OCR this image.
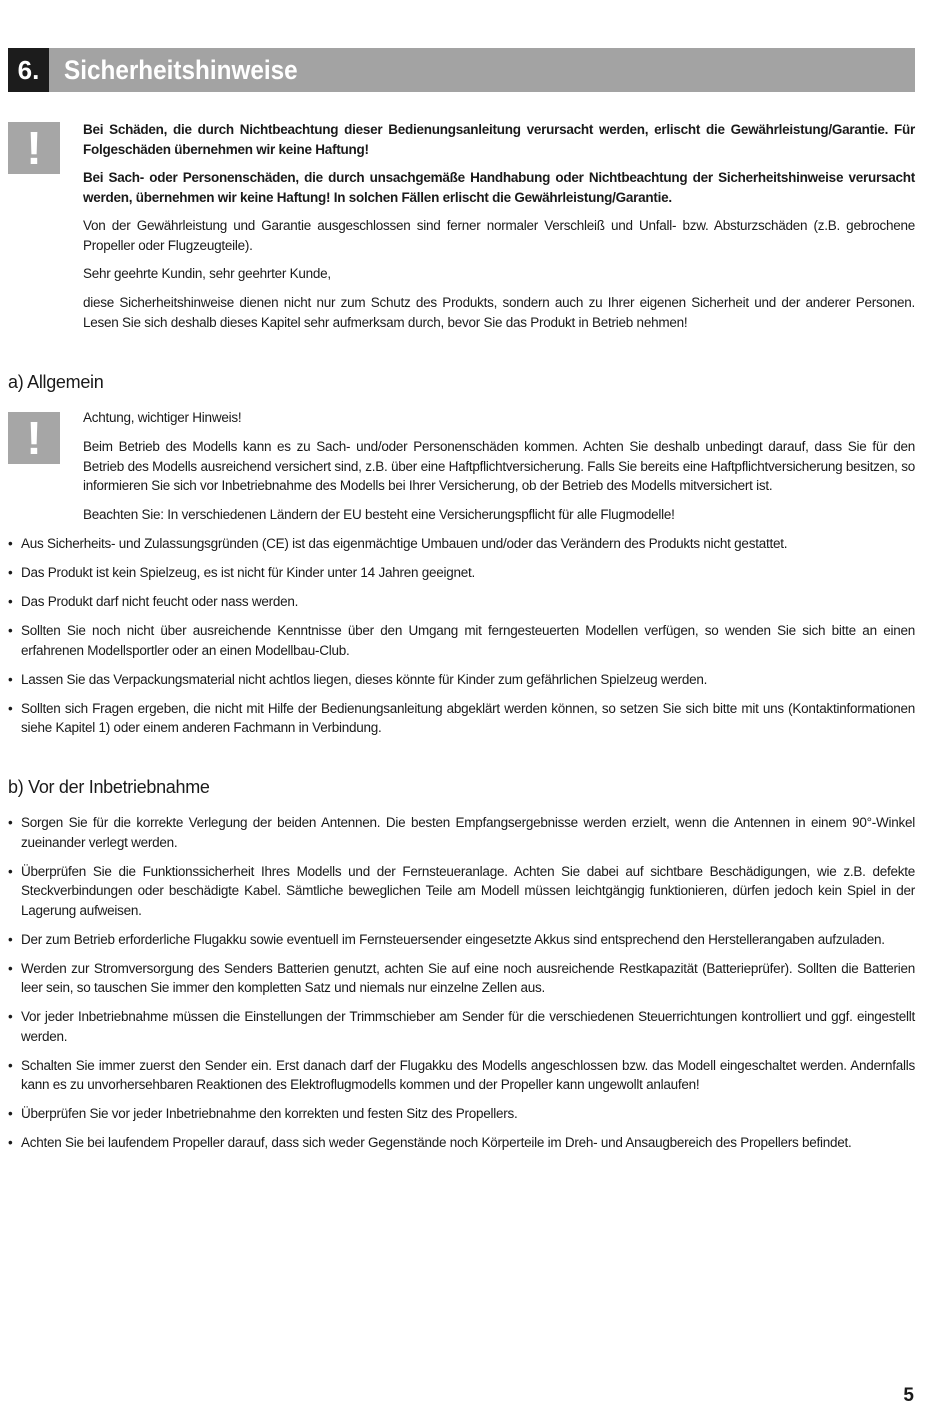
6. Sicherheitshinweise
!	Bei Schäden, die durch Nichtbeachtung dieser Bedienungsanleitung verursacht werden, erlischt die Gewährleistung/Garantie. Für Folgeschäden übernehmen wir keine Haftung!
Bei Sach- oder Personenschäden, die durch unsachgemäße Handhabung oder Nichtbeachtung der Sicherheitshinweise verursacht werden, übernehmen wir keine Haftung! In solchen Fällen erlischt die Gewährleistung/Garantie.
Von der Gewährleistung und Garantie ausgeschlossen sind ferner normaler Verschleiß und Unfall- bzw. Absturzschäden (z.B. gebrochene Propeller oder Flugzeugteile).
Sehr geehrte Kundin, sehr geehrter Kunde,
diese Sicherheitshinweise dienen nicht nur zum Schutz des Produkts, sondern auch zu Ihrer eigenen Sicherheit und der anderer Personen. Lesen Sie sich deshalb dieses Kapitel sehr aufmerksam durch, bevor Sie das Produkt in Betrieb nehmen!
a) Allgemein
!	Achtung, wichtiger Hinweis!
Beim Betrieb des Modells kann es zu Sach- und/oder Personenschäden kommen. Achten Sie deshalb unbedingt darauf, dass Sie für den Betrieb des Modells ausreichend versichert sind, z.B. über eine Haftpflichtversicherung. Falls Sie bereits eine Haftpflichtversicherung besitzen, so informieren Sie sich vor Inbetriebnahme des Modells bei Ihrer Versicherung, ob der Betrieb des Modells mitversichert ist.
Beachten Sie: In verschiedenen Ländern der EU besteht eine Versicherungspflicht für alle Flugmodelle!
• Aus Sicherheits- und Zulassungsgründen (CE) ist das eigenmächtige Umbauen und/oder das Verändern des Produkts nicht gestattet.
• Das Produkt ist kein Spielzeug, es ist nicht für Kinder unter 14 Jahren geeignet.
• Das Produkt darf nicht feucht oder nass werden.
• Sollten Sie noch nicht über ausreichende Kenntnisse über den Umgang mit ferngesteuerten Modellen verfügen, so wenden Sie sich bitte an einen erfahrenen Modellsportler oder an einen Modellbau-Club.
• Lassen Sie das Verpackungsmaterial nicht achtlos liegen, dieses könnte für Kinder zum gefährlichen Spielzeug werden.
• Sollten sich Fragen ergeben, die nicht mit Hilfe der Bedienungsanleitung abgeklärt werden können, so setzen Sie sich bitte mit uns (Kontaktinformationen siehe Kapitel 1) oder einem anderen Fachmann in Verbindung.
b) Vor der Inbetriebnahme
• Sorgen Sie für die korrekte Verlegung der beiden Antennen. Die besten Empfangsergebnisse werden erzielt, wenn die Antennen in einem 90°-Winkel zueinander verlegt werden.
• Überprüfen Sie die Funktionssicherheit Ihres Modells und der Fernsteueranlage. Achten Sie dabei auf sichtbare Beschädigungen, wie z.B. defekte Steckverbindungen oder beschädigte Kabel. Sämtliche beweglichen Teile am Modell müssen leichtgängig funktionieren, dürfen jedoch kein Spiel in der Lagerung aufweisen.
• Der zum Betrieb erforderliche Flugakku sowie eventuell im Fernsteuersender eingesetzte Akkus sind entsprechend den Herstellerangaben aufzuladen.
• Werden zur Stromversorgung des Senders Batterien genutzt, achten Sie auf eine noch ausreichende Restkapazität (Batterieprüfer). Sollten die Batterien leer sein, so tauschen Sie immer den kompletten Satz und niemals nur einzelne Zellen aus.
• Vor jeder Inbetriebnahme müssen die Einstellungen der Trimmschieber am Sender für die verschiedenen Steuerrichtungen kontrolliert und ggf. eingestellt werden.
• Schalten Sie immer zuerst den Sender ein. Erst danach darf der Flugakku des Modells angeschlossen bzw. das Modell eingeschaltet werden. Andernfalls kann es zu unvorhersehbaren Reaktionen des Elektroflugmodells kommen und der Propeller kann ungewollt anlaufen!
• Überprüfen Sie vor jeder Inbetriebnahme den korrekten und festen Sitz des Propellers.
• Achten Sie bei laufendem Propeller darauf, dass sich weder Gegenstände noch Körperteile im Dreh- und Ansaugbereich des Propellers befindet.
5
